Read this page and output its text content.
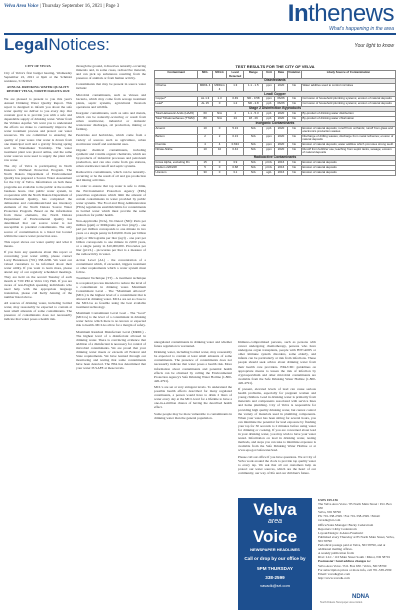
Velva Area Voice | Thursday September 16, 2021 | Page 3	Inthenews
What's happening in the area
LegalNotices:	Your light to know

CITY OF VELVA

City of Velva's first budget hearing, Wednesday September 22, 2021 at 6pm at the Schmalz residence, 5/16/2021

ANNUAL DRINKING WATER QUALITY REPORT VELVA, NORTH DAKOTA 2020

We are pleased to present to you this year's Annual Drinking Water Quality Report. This report is designed to inform you about the safe water quality we deliver to you every day. Our constant goal is to provide you with a safe and dependable supply of drinking water. Water from the Voltaire Aquifer. We want you to understand the efforts we make to continually improve the water treatment process and protect our water resources. We are committed to ensuring the quality of your water. Our water is drawn from one municipal well and a gravity flowing spring well in Wanamaker Township. The water treatment plant was placed online, and the same water sources were used to supply the plant with raw water.

The city of Velva is participating in North Dakota's Wellhead Protection Program. The North Dakota Department of Environmental Quality has prepared a Source Water Assessment for the City of Velva. Information on both these programs are available to the public at the normal business hours. Our public water system, in cooperation with the North Dakota Department of Environmental Quality, has completed the delineation and contaminant/land use inventory elements of the North Dakota Source Water Protection Program. Based on the information from these elements, the North Dakota Department of Environmental Quality has determined that our source water is not susceptible to potential contaminants. The only source of contamination is a listed but located within the source water protection area.

This report shows our water quality and what it means.

If you have any questions about this report or concerning your water utility, please contact Larry Henderson (701) 338-2206. We want our valued customers to be informed about their water utility. If you want to learn more, please attend any of our regularly scheduled meetings. They are held on the second Tuesday of each month at 7:00 PM at Velva City Hall. If you are aware of non-English speaking individuals who need help with the appropriate language translation, please call Kelly Jenning of the number listed above.

All sources of drinking water, including bottled water, may reasonably be expected to contain at least small amounts of some contaminants. The presence of contaminants does not necessarily indicate that water poses a health risk.

through the ground, it dissolves naturally-occurring minerals and, in some cases, radioactive material, and can pick up substances resulting from the presence of animals or from human activity.

Contaminants that may be present in source water include:

Microbial contaminants, such as viruses and bacteria, which may come from sewage treatment plants, septic systems, agricultural livestock operations and wildlife.

Inorganic contaminants, such as salts and metals, which can be naturally-occurring or result from urban stormwater, industrial or domestic wastewater discharges, oil production, mining or farming.

Pesticides and herbicides, which come from a variety of sources such as agriculture, urban stormwater runoff and residential uses.

Organic chemical contaminants, including synthetic and volatile organic chemicals, which are by-products of industrial processes and petroleum production, and can also come from gas stations, urban stormwater runoff and septic systems.

Radioactive contaminants, which can be naturally-occurring or be the result of oil and gas production and mining activities.

In order to ensure that tap water is safe to drink, the Environmental Protection Agency (EPA) prescribes regulations which limit the amount of certain contaminants in water provided by public water systems. The Food and Drug Administration (FDA) regulations establish limits for contaminants in bottled water which must provide the same protection for public health.

Non-Applicable (N/A), No Detect (ND): Parts per million (ppm) or Milligrams per liter (mg/l) - one part per million corresponds to one minute in two years or a single penny in $10,000. Parts per billion (ppb) or Micrograms per liter (ug/l) - one part per billion corresponds to one minute in 2,000 years, or a single penny in $10,000,000. Picocuries per liter (pCi/L) - picocuries per liter is a measure of the radioactivity in water.

Action Level (AL) - the concentration of a contaminant which, if exceeded, triggers treatment or other requirements which a water system must follow.

Treatment Technique (TT) - A treatment technique is a required process intended to reduce the level of a contaminant in drinking water. Maximum Contaminant Level - The "Maximum Allowed" (MCL) is the highest level of a contaminant that is allowed in drinking water. MCLs are set as close to the MCLGs as feasible using the best available treatment technology.

Maximum Contaminant Level Goal - The "Goal" (MCLG) is the level of a contaminant in drinking water below which there is no known or expected risk to health. MCLGs allow for a margin of safety.

Maximum Residual Disinfectant Level (MRDL) - The highest level of a disinfectant allowed in drinking water. There is convincing evidence that addition of a disinfectant is necessary for control of microbial contaminants. We are proud that your drinking water meets or exceeds all Federal and State requirements. We have learned through our monitoring and testing that some contaminants have been detected. The EPA has determined that your water IS SAFE at these levels.

TEST RESULTS FOR THE CITY OF VELVA
Contaminant	MCL	MCLG	Level Detected	Range	Unit	Date	Violation	Likely Source of Contamination
Disinfectants								
Chlorine	MRDL 4	MRDLG 4	1.3	1.1 - 1.5	ppm	2020	No	Water additive used to control microbes
Lead/ Copper								
Copper*	AL 1.3	1.3	0.49	ND - 0.58	ppm	06/26	No	Corrosion of household plumbing systems; erosion of natural deposits
Lead*	AL 15	0	1.2	ND - 2.8	ppb	06/26	No	Corrosion of household plumbing systems; erosion of natural deposits
Stage 2 Disinfection Byproducts								
Total Haloacetic Acids (HAA5)	60	N/A	4	1.1 - 5.3	ppb	2020	No	By-product of drinking water disinfection
Total Trihalomethanes (TTHM)	80	N/A	24	18 - 29	ppb	2020	No	By-product of drinking water chlorination
Inorganic Contaminants								
Arsenic	10	0	5.13	N/A	ppb	2020	No	Erosion of natural deposits; runoff from orchards; runoff from glass and electronics production wastes
Barium	2	2	0.13	N/A	ppm	2020	No	Discharge of drilling wastes; discharge from metal refineries; erosion of natural deposits
Fluoride	4	4	0.634	N/A	ppm	2020	No	Erosion of natural deposits; water additive which promotes strong teeth
Nitrate-Nitrite	10	10	0.44	N/A	ppm	2020	No	Runoff from fertilizer use; leaching from septic tanks, sewage; erosion of natural deposits
Radioactive Contaminants								
Gross Alpha, excluding Rn	15	0	3.9	N/A	pCi/L	2016	No	Erosion of natural deposits
Radium 226/228	5	0	0.68	N/A	pCi/L	2016	No	Erosion of natural deposits
Uranium	30	0	3.1	N/A	ug/L	2016	No	Erosion of natural deposits

unregulated contaminants in drinking water and whether future regulation is warranted.

Drinking water, including bottled water, may reasonably be expected to contain at least small amounts of some contaminants. The presence of contaminants does not necessarily indicate that water poses a health risk. More information about contaminants and potential health effects can be obtained by calling the Environmental Protection Agency's Safe Drinking Water Hotline (1-800-426-4791).

MCL's are set at very stringent levels. To understand the possible health effects described for many regulated constituents, a person would have to drink 2 liters of water every day at the MCL level for a lifetime to have a one-in-a-million chance of having the described health effect.

Some people may be more vulnerable to contaminants in drinking water than the general population.

Immuno-compromised persons, such as persons with cancer undergoing chemotherapy, persons who have undergone organ transplants, people with HIV/AIDS or other immune system disorders, some elderly, and infants can be particularly at risk from infections. These people should seek advice about drinking water from their health care providers. EPA/CDC guidelines on appropriate means to lessen the risk of infection by cryptosporidium and other microbial contaminants are available from the Safe Drinking Water Hotline (1-800-426-4791).

If present, elevated levels of lead can cause serious health problems, especially for pregnant women and young children. Lead in drinking water is primarily from materials and components associated with service lines and home plumbing. City of Velva is responsible for providing high quality drinking water, but cannot control the variety of materials used in plumbing components. When your water has been sitting for several hours, you can minimize the potential for lead exposure by flushing your tap for 30 seconds to 2 minutes before using water for drinking or cooking. If you are concerned about lead in your drinking water, you may wish to have your water tested. Information on lead in drinking water, testing methods, and steps you can take to minimize exposure is available from the Safe Drinking Water Hotline or at www.epa.gov/safewater/lead.

Please call our office if you have questions. We at City of Velva work around the clock to provide top quality water to every tap. We ask that all our customers help us protect our water sources, which are the heart of our community, our way of life and our children's future.

Velva
area
Voice
NEWSPAPER HEADLINES
Call or drop by our office by
5PM THURSDAY
338-2599
vavadk@srt.com

USPS 019-156

The Velva Area Voice / 85 North Main Street / P.O. Box 630

Velva, ND 58790

Ph: 701-338-2599 / Fax 701-338-2599 / Email: vavadk@srt.com

Office/Sales Manager: Becky Cederstrom

Reporters: Libby Cederstrom

Layout/Design: JoAnna Fruehwirt

Published every Thursday at 85 North Main Street, Velva, ND 58790

Periodical postage paid at Velva, ND 58790, and at additional mailing offices.

A weekly publication from:

RGC LLC / 110 Main Street South / Minot, ND 58701

Postmaster: Send address changes to:

Velva Area Voice / P.O. Box 630 / Velva, ND 58790

For subscription prices or more info, call 701-338-2599

Email: vavadk@srt.com

http://www.vavadk.com

NDNA
North Dakota Newspaper Association
